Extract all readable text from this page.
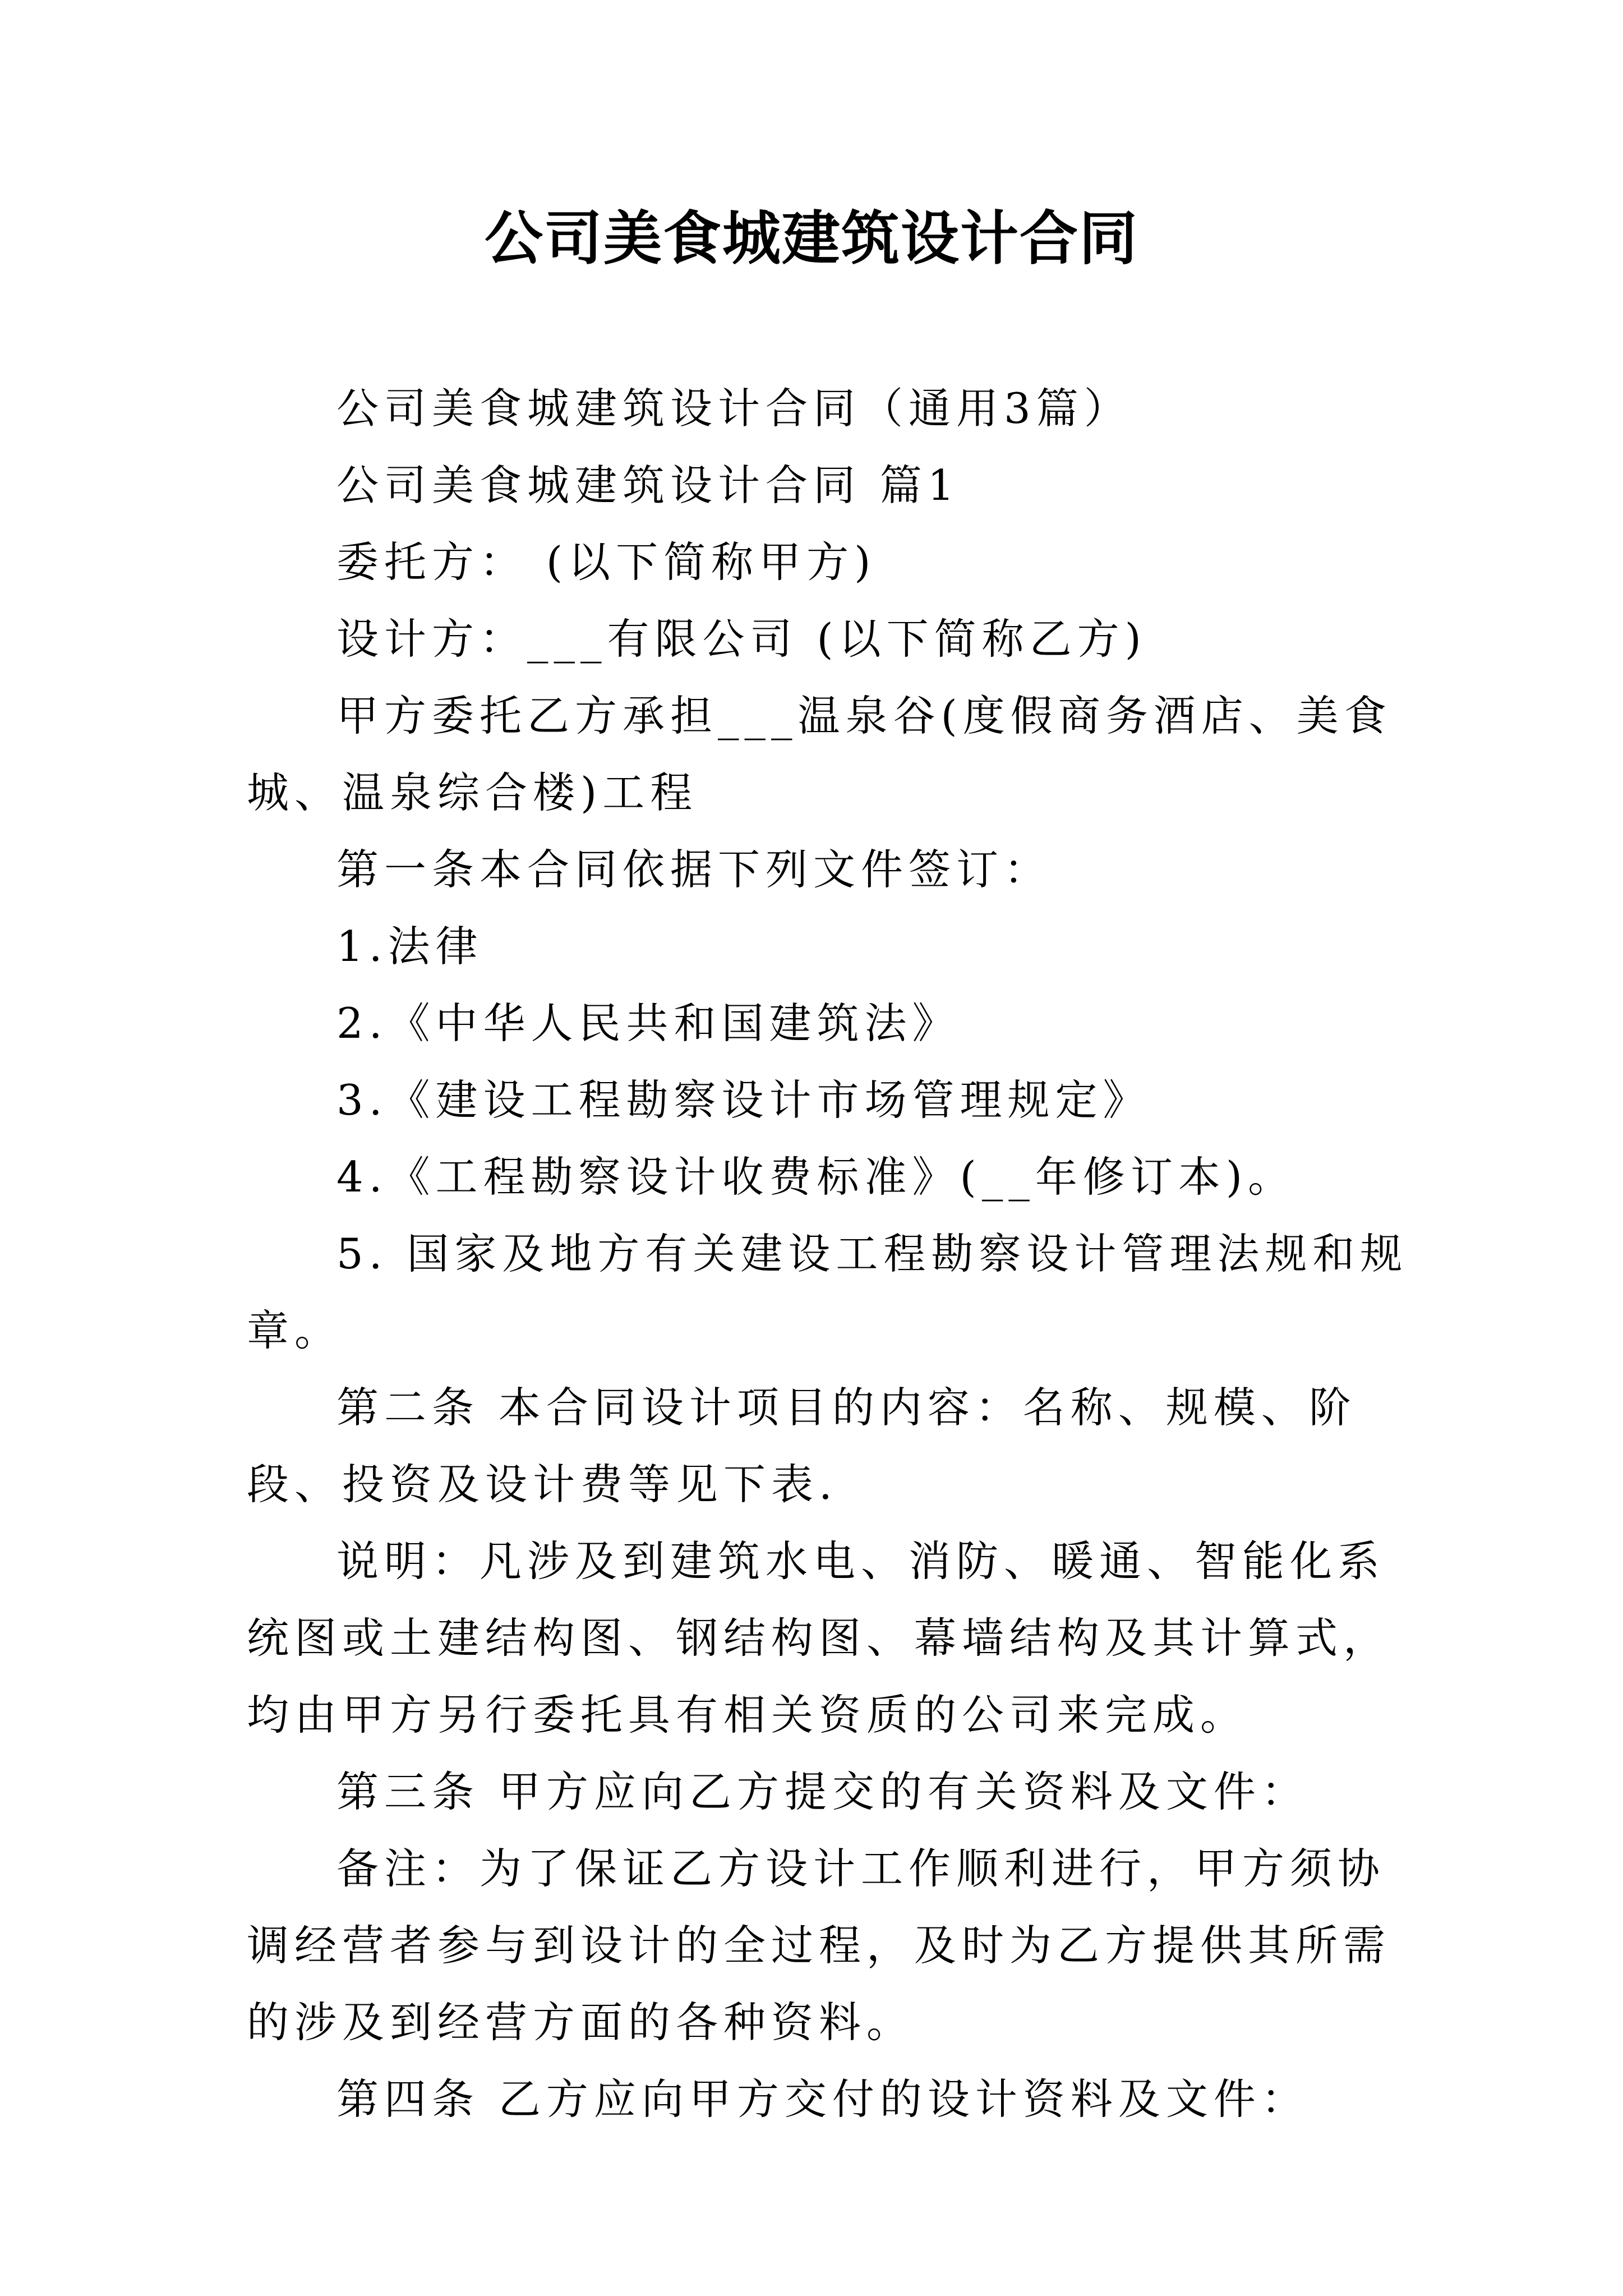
公司美食城建筑设计合同

公司美食城建筑设计合同（通用3篇）

公司美食城建筑设计合同 篇1

委托方： (以下简称甲方)

设计方：___有限公司 (以下简称乙方)

甲方委托乙方承担___温泉谷(度假商务酒店、美食城、温泉综合楼)工程

第一条本合同依据下列文件签订：

1.法律

2.《中华人民共和国建筑法》

3.《建设工程勘察设计市场管理规定》

4.《工程勘察设计收费标准》(__年修订本)。

5. 国家及地方有关建设工程勘察设计管理法规和规章。

第二条 本合同设计项目的内容：名称、规模、阶段、投资及设计费等见下表.

说明：凡涉及到建筑水电、消防、暖通、智能化系统图或土建结构图、钢结构图、幕墙结构及其计算式，均由甲方另行委托具有相关资质的公司来完成。

第三条 甲方应向乙方提交的有关资料及文件：

备注：为了保证乙方设计工作顺利进行，甲方须协调经营者参与到设计的全过程，及时为乙方提供其所需的涉及到经营方面的各种资料。

第四条 乙方应向甲方交付的设计资料及文件：
